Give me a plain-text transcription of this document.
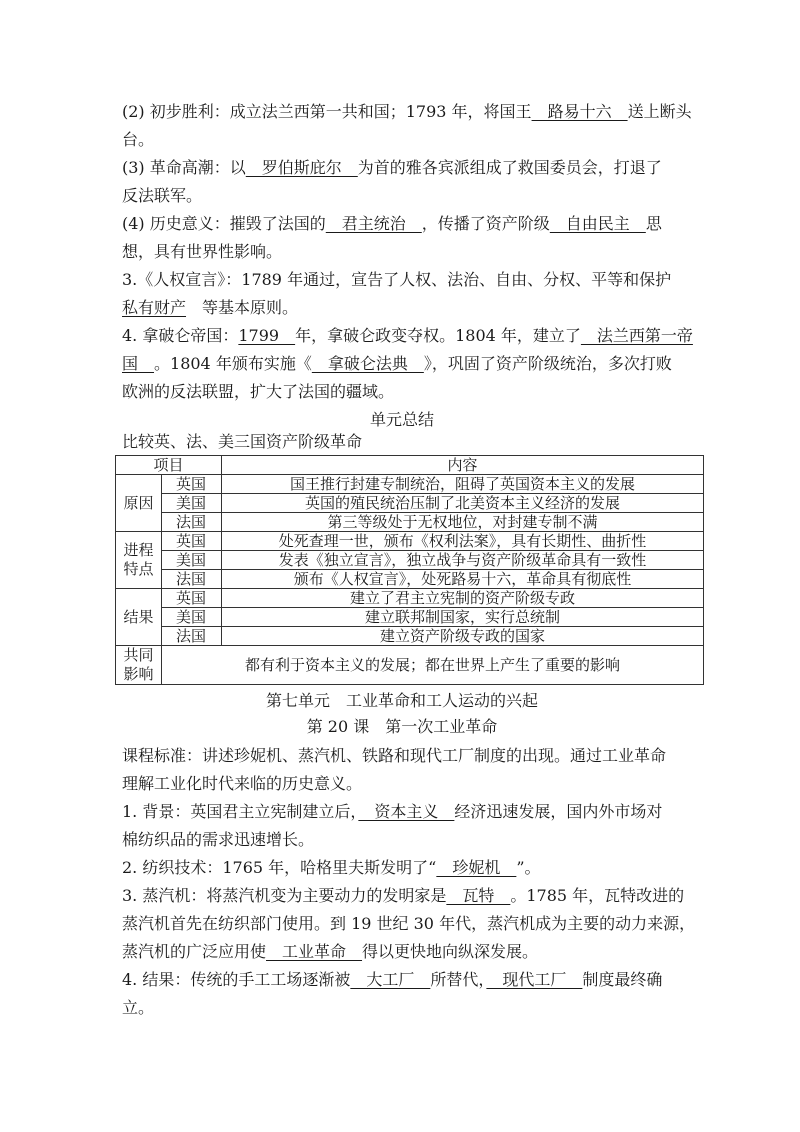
(2) 初步胜利：成立法兰西第一共和国；1793 年，将国王　路易十六　送上断头
台。
(3) 革命高潮：以　罗伯斯庇尔　为首的雅各宾派组成了救国委员会，打退了
反法联军。
(4) 历史意义：摧毁了法国的　君主统治　，传播了资产阶级　自由民主　思
想，具有世界性影响。
3.《人权宣言》：1789 年通过，宣告了人权、法治、自由、分权、平等和保护
私有财产　等基本原则。
4. 拿破仑帝国：1799　年，拿破仑政变夺权。1804 年，建立了　法兰西第一帝
国　。1804 年颁布实施《　拿破仑法典　》，巩固了资产阶级统治，多次打败
欧洲的反法联盟，扩大了法国的疆域。
单元总结
比较英、法、美三国资产阶级革命
项目		内容
原因	英国	国王推行封建专制统治，阻碍了英国资本主义的发展
	美国	英国的殖民统治压制了北美资本主义经济的发展
	法国	第三等级处于无权地位，对封建专制不满
进程特点	英国	处死查理一世，颁布《权利法案》，具有长期性、曲折性
	美国	发表《独立宣言》，独立战争与资产阶级革命具有一致性
	法国	颁布《人权宣言》，处死路易十六，革命具有彻底性
结果	英国	建立了君主立宪制的资产阶级专政
	美国	建立联邦制国家，实行总统制
	法国	建立资产阶级专政的国家
共同影响	都有利于资本主义的发展；都在世界上产生了重要的影响	
第七单元　工业革命和工人运动的兴起
第 20 课　第一次工业革命
课程标准：讲述珍妮机、蒸汽机、铁路和现代工厂制度的出现。通过工业革命
理解工业化时代来临的历史意义。
1. 背景：英国君主立宪制建立后，　资本主义　经济迅速发展，国内外市场对
棉纺织品的需求迅速增长。
2. 纺织技术：1765 年，哈格里夫斯发明了“　珍妮机　”。
3. 蒸汽机：将蒸汽机变为主要动力的发明家是　瓦特　。1785 年，瓦特改进的
蒸汽机首先在纺织部门使用。到 19 世纪 30 年代，蒸汽机成为主要的动力来源，
蒸汽机的广泛应用使　工业革命　得以更快地向纵深发展。
4. 结果：传统的手工工场逐渐被　大工厂　所替代，　现代工厂　制度最终确
立。
